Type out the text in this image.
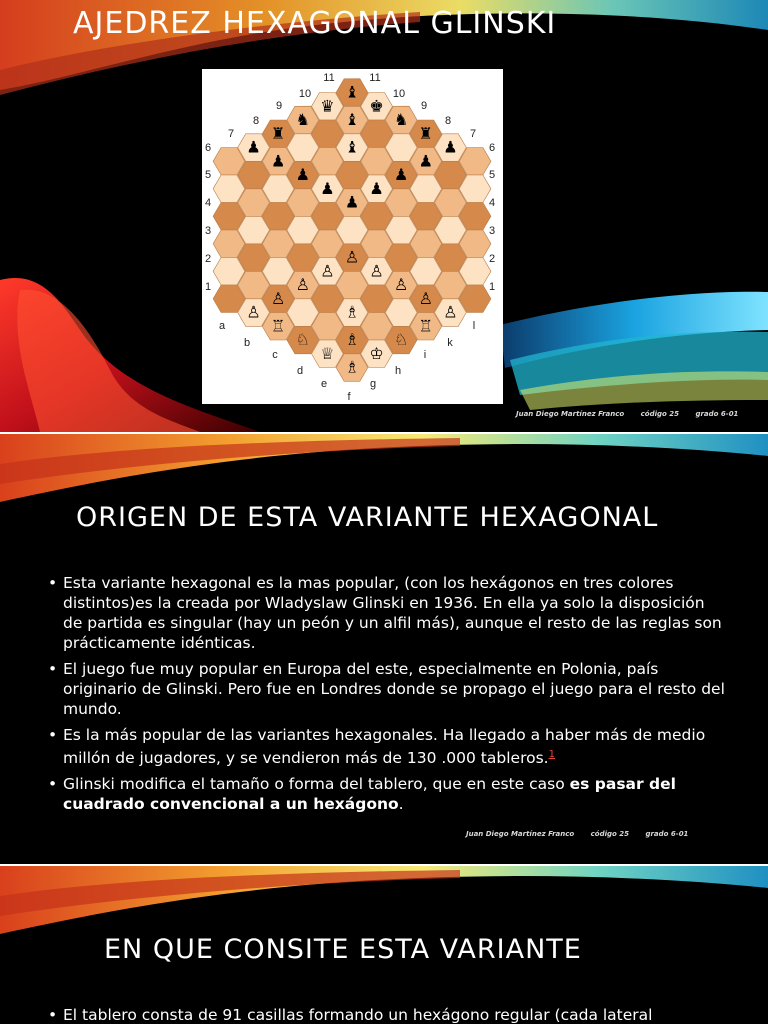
AJEDREZ HEXAGONAL GLINSKI
♛
♝
♚
♝
♝
♞	♞
♜	♜
♟
♟
♟
♟
♟
♟
♟
♟
♟
♕
♗
♔
♗
♗
♘	♘
♖	♖
♙
♙
♙
♙
♙
♙
♙
♙
♙
11	11
10	10
9	9
8	8
7	7
6
5
4
3
2
1
6
5
4
3
2
1
a
b
c
d
e
f
g
h
i
k
l
Juan Diego Martínez Franco código 25 grado 6-01
ORIGEN DE ESTA VARIANTE HEXAGONAL
• Esta variante hexagonal es la mas popular, (con los hexágonos en tres colores distintos)es la creada por Wladyslaw Glinski en 1936. En ella ya solo la disposición de partida es singular (hay un peón y un alfil más), aunque el resto de las reglas son prácticamente idénticas.
• El juego fue muy popular en Europa del este, especialmente en Polonia, país originario de Glinski. Pero fue en Londres donde se propago el juego para el resto del mundo.
• Es la más popular de las variantes hexagonales. Ha llegado a haber más de medio millón de jugadores, y se vendieron más de 130 .000 tableros.$^1$
• Glinski modifica el tamaño o forma del tablero, que en este caso es pasar del cuadrado convencional a un hexágono.
Juan Diego Martínez Franco código 25 grado 6-01
EN QUE CONSITE ESTA VARIANTE
• El tablero consta de 91 casillas formando un hexágono regular (cada lateral
